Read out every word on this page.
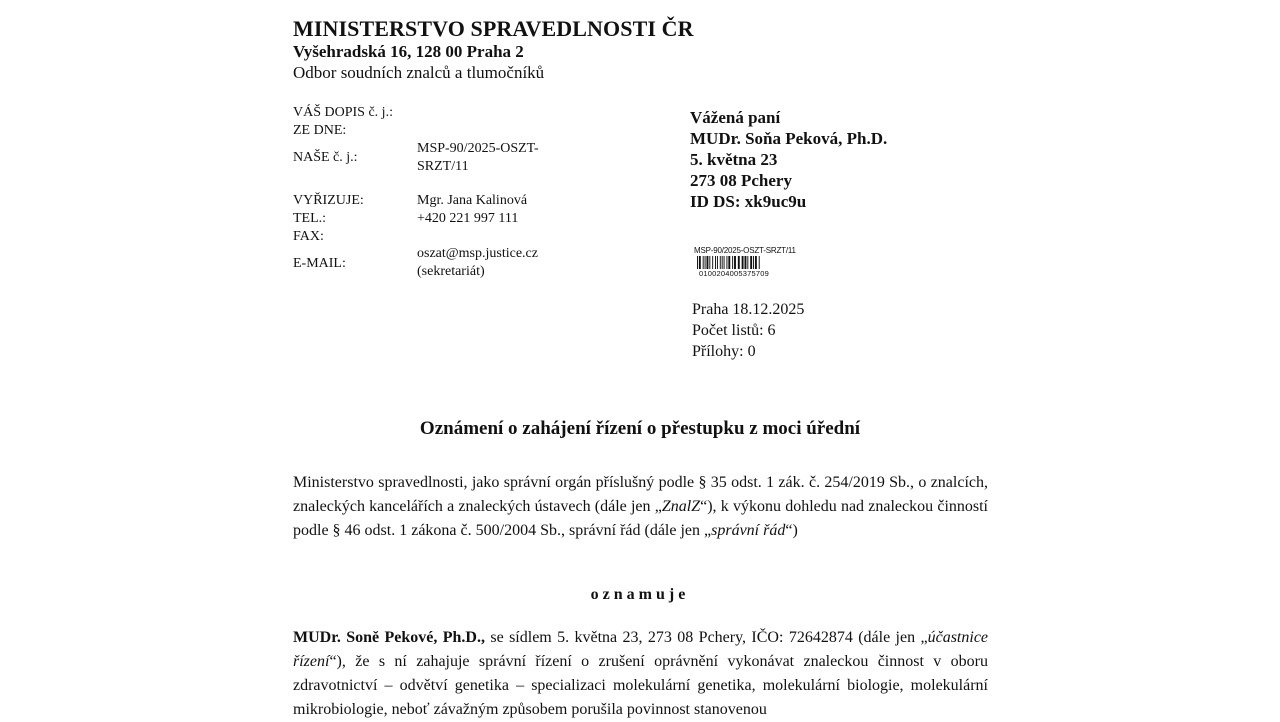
MINISTERSTVO SPRAVEDLNOSTI ČR
Vyšehradská 16, 128 00 Praha 2
Odbor soudních znalců a tlumočníků
VÁŠ DOPIS č. j.:
ZE DNE:
NAŠE č. j.:
MSP-90/2025-OSZT-
SRZT/11
VYŘIZUJE:	Mgr. Jana Kalinová
TEL.:	+420 221 997 111
FAX:
E-MAIL:
oszat@msp.justice.cz
(sekretariát)
Vážená paní
MUDr. Soňa Peková, Ph.D.
5. května 23
273 08 Pchery
ID DS: xk9uc9u
MSP-90/2025-OSZT-SRZT/11
0100204005375709
Praha 18.12.2025
Počet listů: 6
Přílohy: 0
Oznámení o zahájení řízení o přestupku z moci úřední
Ministerstvo spravedlnosti, jako správní orgán příslušný podle § 35 odst. 1 zák. č. 254/2019 Sb., o znalcích, znaleckých kancelářích a znaleckých ústavech (dále jen „ZnalZ“), k výkonu dohledu nad znaleckou činností podle § 46 odst. 1 zákona č. 500/2004 Sb., správní řád (dále jen „správní řád“)
oznamuje
MUDr. Soně Pekové, Ph.D., se sídlem 5. května 23, 273 08 Pchery, IČO: 72642874 (dále jen „účastnice řízení“), že s ní zahajuje správní řízení o zrušení oprávnění vykonávat znaleckou činnost v oboru zdravotnictví – odvětví genetika – specializaci molekulární genetika, molekulární biologie, molekulární mikrobiologie, neboť závažným způsobem porušila povinnost stanovenou
